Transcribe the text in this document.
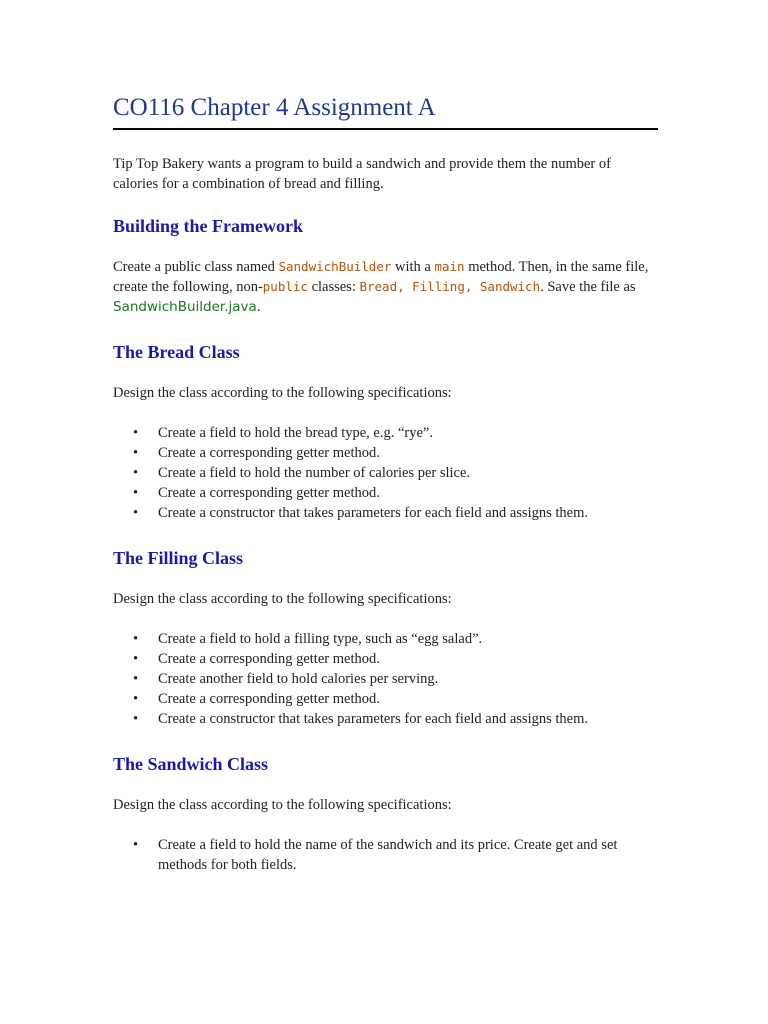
CO116 Chapter 4 Assignment A

Tip Top Bakery wants a program to build a sandwich and provide them the number of calories for a combination of bread and filling.

Building the Framework

Create a public class named SandwichBuilder with a main method. Then, in the same file, create the following, non-public classes: Bread, Filling, Sandwich. Save the file as SandwichBuilder.java.

The Bread Class

Design the class according to the following specifications:

• Create a field to hold the bread type, e.g. “rye”.
• Create a corresponding getter method.
• Create a field to hold the number of calories per slice.
• Create a corresponding getter method.
• Create a constructor that takes parameters for each field and assigns them.
The Filling Class

Design the class according to the following specifications:

• Create a field to hold a filling type, such as “egg salad”.
• Create a corresponding getter method.
• Create another field to hold calories per serving.
• Create a corresponding getter method.
• Create a constructor that takes parameters for each field and assigns them.
The Sandwich Class

Design the class according to the following specifications:

• Create a field to hold the name of the sandwich and its price. Create get and set methods for both fields.
